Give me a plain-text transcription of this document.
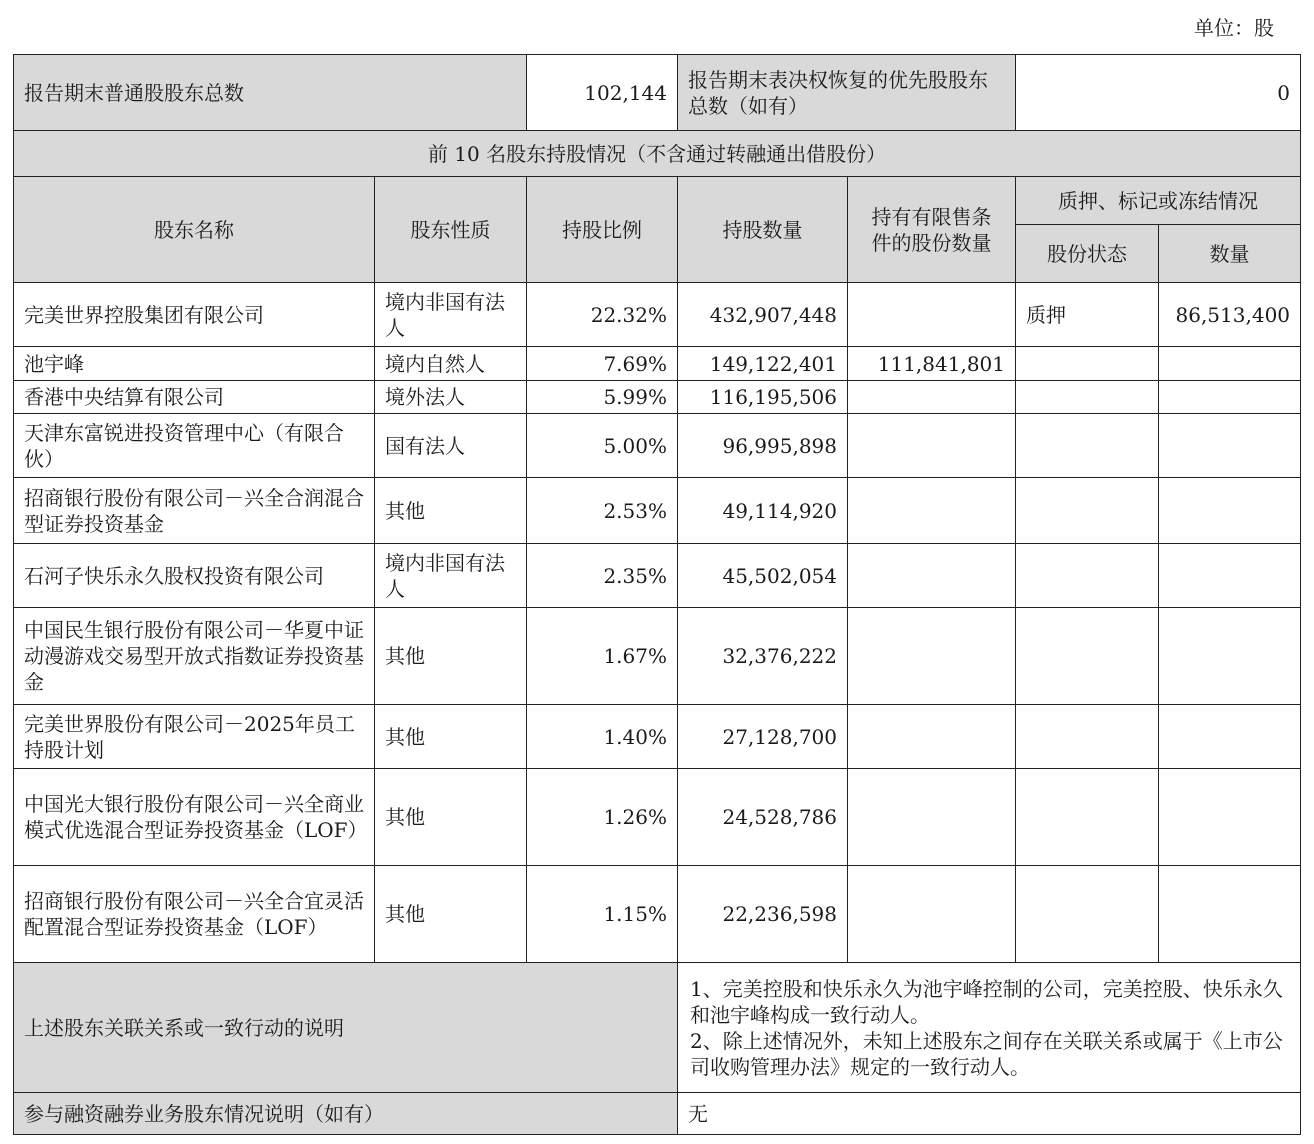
单位：股
报告期末普通股股东总数		102,144	报告期末表决权恢复的优先股股东总数（如有）		0	
前 10 名股东持股情况（不含通过转融通出借股份）						
股东名称	股东性质	持股比例	持股数量	持有有限售条件的股份数量	质押、标记或冻结情况	
					股份状态	数量
完美世界控股集团有限公司	境内非国有法人	22.32%	432,907,448		质押	86,513,400
池宇峰	境内自然人	7.69%	149,122,401	111,841,801		
香港中央结算有限公司	境外法人	5.99%	116,195,506			
天津东富锐进投资管理中心（有限合伙）	国有法人	5.00%	96,995,898			
招商银行股份有限公司－兴全合润混合型证券投资基金	其他	2.53%	49,114,920			
石河子快乐永久股权投资有限公司	境内非国有法人	2.35%	45,502,054			
中国民生银行股份有限公司－华夏中证动漫游戏交易型开放式指数证券投资基金	其他	1.67%	32,376,222			
完美世界股份有限公司－2025年员工持股计划	其他	1.40%	27,128,700			
中国光大银行股份有限公司－兴全商业模式优选混合型证券投资基金（LOF）	其他	1.26%	24,528,786			
招商银行股份有限公司－兴全合宜灵活配置混合型证券投资基金（LOF）	其他	1.15%	22,236,598			
上述股东关联关系或一致行动的说明			1、完美控股和快乐永久为池宇峰控制的公司，完美控股、快乐永久和池宇峰构成一致行动人。
2、除上述情况外，未知上述股东之间存在关联关系或属于《上市公司收购管理办法》规定的一致行动人。			

参与融资融券业务股东情况说明（如有）			无			
